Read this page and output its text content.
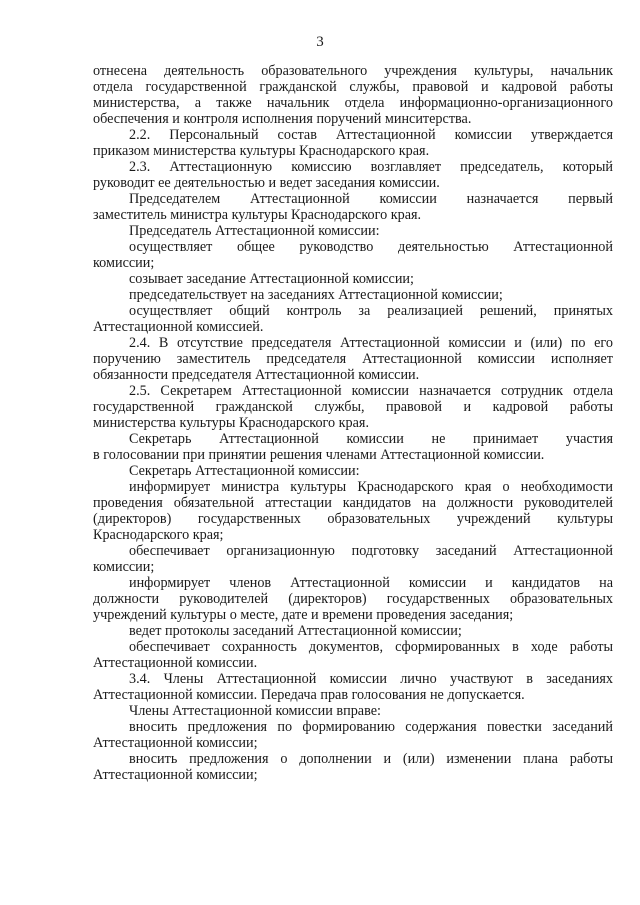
3
отнесена деятельность образовательного учреждения культуры, начальник
отдела государственной гражданской службы, правовой и кадровой работы
министерства, а также начальник отдела информационно-организационного
обеспечения и контроля исполнения поручений минситерства.
2.2. Персональный состав Аттестационной комиссии утверждается
приказом министерства культуры Краснодарского края.
2.3. Аттестационную комиссию возглавляет председатель, который
руководит ее деятельностью и ведет заседания комиссии.
Председателем Аттестационной комиссии назначается первый
заместитель министра культуры Краснодарского края.
Председатель Аттестационной комиссии:
осуществляет общее руководство деятельностью Аттестационной
комиссии;
созывает заседание Аттестационной комиссии;
председательствует на заседаниях Аттестационной комиссии;
осуществляет общий контроль за реализацией решений, принятых
Аттестационной комиссией.
2.4. В отсутствие председателя Аттестационной комиссии и (или) по его
поручению заместитель председателя Аттестационной комиссии исполняет
обязанности председателя Аттестационной комиссии.
2.5. Секретарем Аттестационной комиссии назначается сотрудник отдела
государственной гражданской службы, правовой и кадровой работы
министерства культуры Краснодарского края.
Секретарь Аттестационной комиссии не принимает участия
в голосовании при принятии решения членами Аттестационной комиссии.
Секретарь Аттестационной комиссии:
информирует министра культуры Краснодарского края о необходимости
проведения обязательной аттестации кандидатов на должности руководителей
(директоров) государственных образовательных учреждений культуры
Краснодарского края;
обеспечивает организационную подготовку заседаний Аттестационной
комиссии;
информирует членов Аттестационной комиссии и кандидатов на
должности руководителей (директоров) государственных образовательных
учреждений культуры о месте, дате и времени проведения заседания;
ведет протоколы заседаний Аттестационной комиссии;
обеспечивает сохранность документов, сформированных в ходе работы
Аттестационной комиссии.
3.4. Члены Аттестационной комиссии лично участвуют в заседаниях
Аттестационной комиссии. Передача прав голосования не допускается.
Члены Аттестационной комиссии вправе:
вносить предложения по формированию содержания повестки заседаний
Аттестационной комиссии;
вносить предложения о дополнении и (или) изменении плана работы
Аттестационной комиссии;
